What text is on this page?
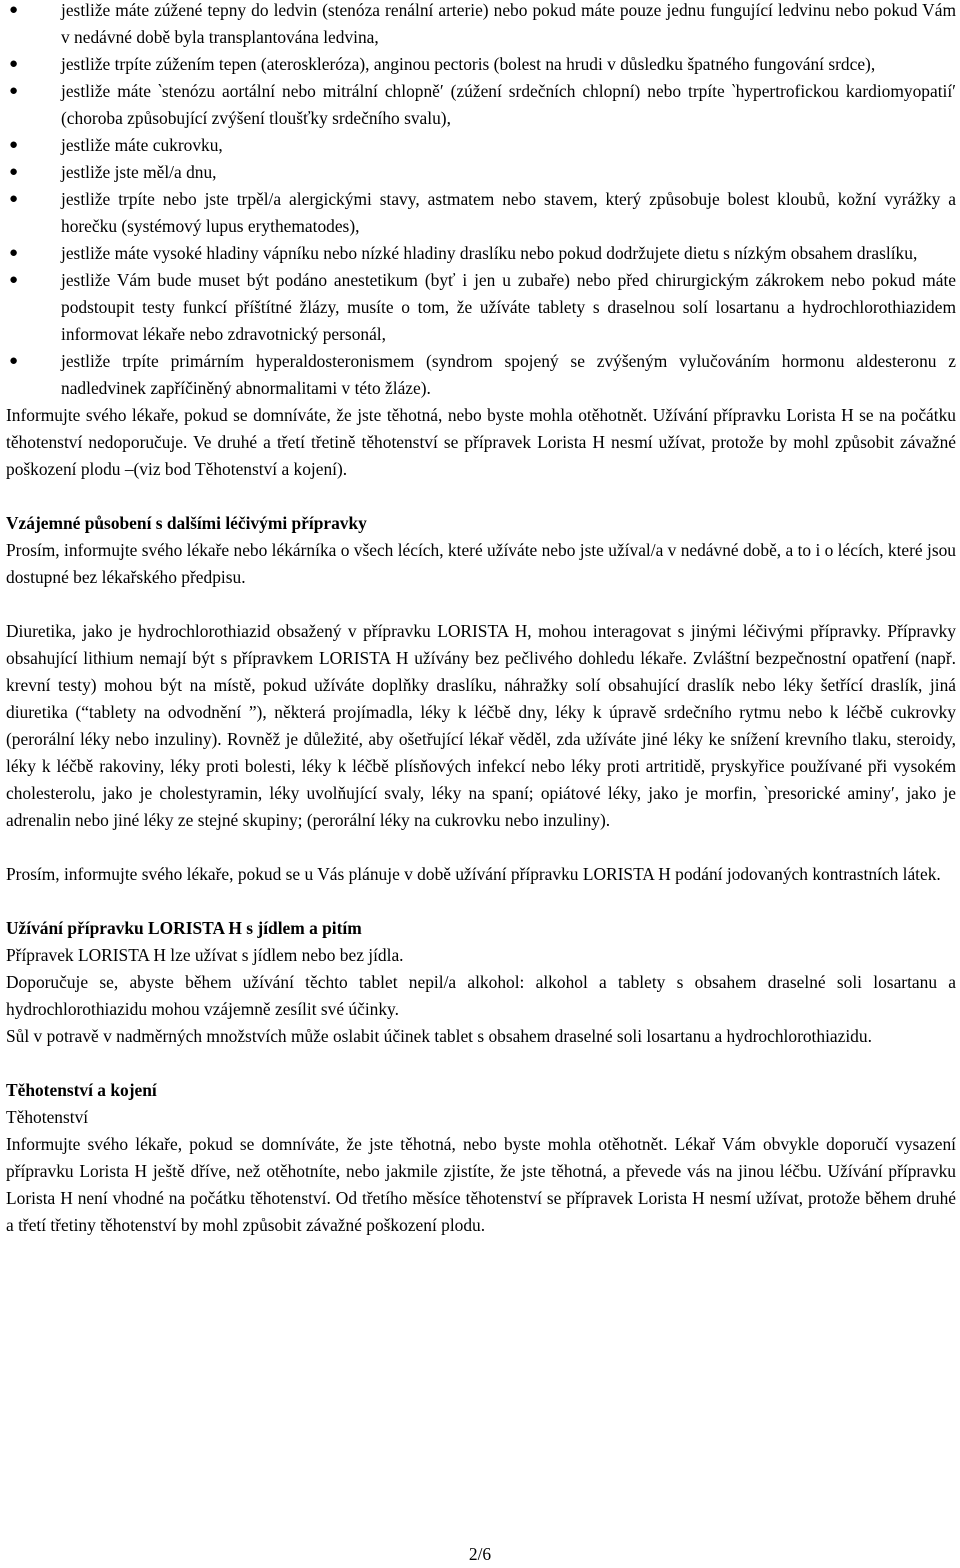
●	jestliže máte zúžené tepny do ledvin (stenóza renální arterie) nebo pokud máte pouze jednu fungující ledvinu nebo pokud Vám v nedávné době byla transplantována ledvina,
●	jestliže trpíte zúžením tepen (ateroskleróza), anginou pectoris (bolest na hrudi v důsledku špatného fungování srdce),
●	jestliže máte ‵stenózu aortální nebo mitrální chlopně′ (zúžení srdečních chlopní) nebo trpíte ‵hypertrofickou kardiomyopatií′ (choroba způsobující zvýšení tloušťky srdečního svalu),
●	jestliže máte cukrovku,
●	jestliže jste měl/a dnu,
●	jestliže trpíte nebo jste trpěl/a alergickými stavy, astmatem nebo stavem, který způsobuje bolest kloubů, kožní vyrážky a horečku (systémový lupus erythematodes),
●	jestliže máte vysoké hladiny vápníku nebo nízké hladiny draslíku nebo pokud dodržujete dietu s nízkým obsahem draslíku,
●	jestliže Vám bude muset být podáno anestetikum (byť i jen u zubaře) nebo před chirurgickým zákrokem nebo pokud máte podstoupit testy funkcí příštítné žlázy, musíte o tom, že užíváte tablety s draselnou solí losartanu a hydrochlorothiazidem informovat lékaře nebo zdravotnický personál,
●	jestliže trpíte primárním hyperaldosteronismem (syndrom spojený se zvýšeným vylučováním hormonu aldesteronu z nadledvinek zapříčiněný abnormalitami v této žláze).

Informujte svého lékaře, pokud se domníváte, že jste těhotná, nebo byste mohla otěhotnět. Užívání přípravku Lorista H se na počátku těhotenství nedoporučuje. Ve druhé a třetí třetině těhotenství se přípravek Lorista H nesmí užívat, protože by mohl způsobit závažné poškození plodu –(viz bod Těhotenství a kojení).

Vzájemné působení s dalšími léčivými přípravky

Prosím, informujte svého lékaře nebo lékárníka o všech lécích, které užíváte nebo jste užíval/a v nedávné době, a to i o lécích, které jsou dostupné bez lékařského předpisu.

Diuretika, jako je hydrochlorothiazid obsažený v přípravku LORISTA H, mohou interagovat s jinými léčivými přípravky. Přípravky obsahující lithium nemají být s přípravkem LORISTA H užívány bez pečlivého dohledu lékaře. Zvláštní bezpečnostní opatření (např. krevní testy) mohou být na místě, pokud užíváte doplňky draslíku, náhražky solí obsahující draslík nebo léky šetřící draslík, jiná diuretika (“tablety na odvodnění ”), některá projímadla, léky k léčbě dny, léky k úpravě srdečního rytmu nebo k léčbě cukrovky (perorální léky nebo inzuliny). Rovněž je důležité, aby ošetřující lékař věděl, zda užíváte jiné léky ke snížení krevního tlaku, steroidy, léky k léčbě rakoviny, léky proti bolesti, léky k léčbě plísňových infekcí nebo léky proti artritidě, pryskyřice používané při vysokém cholesterolu, jako je cholestyramin, léky uvolňující svaly, léky na spaní; opiátové léky, jako je morfin, ‵presorické aminy′, jako je adrenalin nebo jiné léky ze stejné skupiny; (perorální léky na cukrovku nebo inzuliny).

Prosím, informujte svého lékaře, pokud se u Vás plánuje v době užívání přípravku LORISTA H podání jodovaných kontrastních látek.

Užívání přípravku LORISTA H s jídlem a pitím

Přípravek LORISTA H lze užívat s jídlem nebo bez jídla.

Doporučuje se, abyste během užívání těchto tablet nepil/a alkohol: alkohol a tablety s obsahem draselné soli losartanu a hydrochlorothiazidu mohou vzájemně zesílit své účinky.

Sůl v potravě v nadměrných množstvích může oslabit účinek tablet s obsahem draselné soli losartanu a hydrochlorothiazidu.

Těhotenství a kojení

Těhotenství

Informujte svého lékaře, pokud se domníváte, že jste těhotná, nebo byste mohla otěhotnět. Lékař Vám obvykle doporučí vysazení přípravku Lorista H ještě dříve, než otěhotníte, nebo jakmile zjistíte, že jste těhotná, a převede vás na jinou léčbu. Užívání přípravku Lorista H není vhodné na počátku těhotenství. Od třetího měsíce těhotenství se přípravek Lorista H nesmí užívat, protože během druhé a třetí třetiny těhotenství by mohl způsobit závažné poškození plodu.

2/6
